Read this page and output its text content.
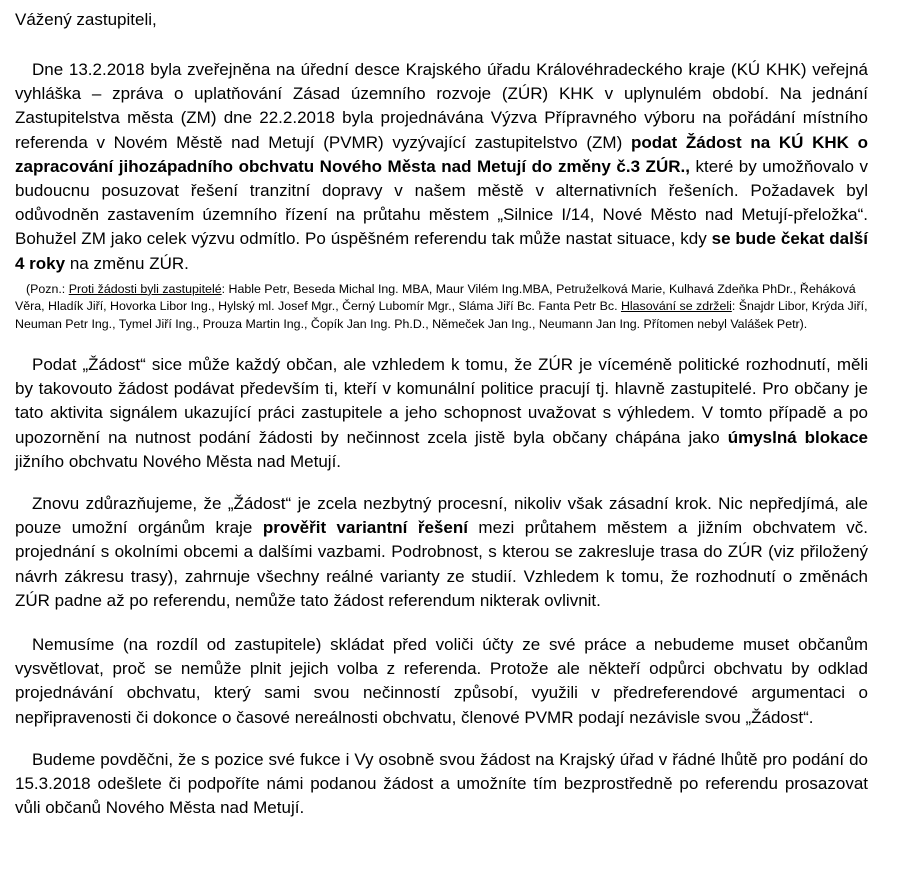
Vážený zastupiteli,

Dne 13.2.2018 byla zveřejněna na úřední desce Krajského úřadu Královéhradeckého kraje (KÚ KHK) veřejná vyhláška – zpráva o uplatňování Zásad územního rozvoje (ZÚR) KHK v uplynulém období. Na jednání Zastupitelstva města (ZM) dne 22.2.2018 byla projednávána Výzva Přípravného výboru na pořádání místního referenda v Novém Městě nad Metují (PVMR) vyzývající zastupitelstvo (ZM) podat Žádost na KÚ KHK o zapracování jihozápadního obchvatu Nového Města nad Metují do změny č.3 ZÚR., které by umožňovalo v budoucnu posuzovat řešení tranzitní dopravy v našem městě v alternativních řešeních. Požadavek byl odůvodněn zastavením územního řízení na průtahu městem „Silnice I/14, Nové Město nad Metují-přeložka“. Bohužel ZM jako celek výzvu odmítlo. Po úspěšném referendu tak může nastat situace, kdy se bude čekat další 4 roky na změnu ZÚR.

(Pozn.: Proti žádosti byli zastupitelé: Hable Petr, Beseda Michal Ing. MBA, Maur Vilém Ing.MBA, Petruželková Marie, Kulhavá Zdeňka PhDr., Řeháková Věra, Hladík Jiří, Hovorka Libor Ing., Hylský ml. Josef Mgr., Černý Lubomír Mgr., Sláma Jiří Bc. Fanta Petr Bc. Hlasování se zdrželi: Šnajdr Libor, Krýda Jiří, Neuman Petr Ing., Tymel Jiří Ing., Prouza Martin Ing., Čopík Jan Ing. Ph.D., Němeček Jan Ing., Neumann Jan Ing. Přítomen nebyl Valášek Petr).

Podat „Žádost“ sice může každý občan, ale vzhledem k tomu, že ZÚR je víceméně politické rozhodnutí, měli by takovouto žádost podávat především ti, kteří v komunální politice pracují tj. hlavně zastupitelé. Pro občany je tato aktivita signálem ukazující práci zastupitele a jeho schopnost uvažovat s výhledem. V tomto případě a po upozornění na nutnost podání žádosti by nečinnost zcela jistě byla občany chápána jako úmyslná blokace jižního obchvatu Nového Města nad Metují.

Znovu zdůrazňujeme, že „Žádost“ je zcela nezbytný procesní, nikoliv však zásadní krok. Nic nepředjímá, ale pouze umožní orgánům kraje prověřit variantní řešení mezi průtahem městem a jižním obchvatem vč. projednání s okolními obcemi a dalšími vazbami. Podrobnost, s kterou se zakresluje trasa do ZÚR (viz přiložený návrh zákresu trasy), zahrnuje všechny reálné varianty ze studií. Vzhledem k tomu, že rozhodnutí o změnách ZÚR padne až po referendu, nemůže tato žádost referendum nikterak ovlivnit.

Nemusíme (na rozdíl od zastupitele) skládat před voliči účty ze své práce a nebudeme muset občanům vysvětlovat, proč se nemůže plnit jejich volba z referenda. Protože ale někteří odpůrci obchvatu by odklad projednávání obchvatu, který sami svou nečinností způsobí, využili v předreferendové argumentaci o nepřipravenosti či dokonce o časové nereálnosti obchvatu, členové PVMR podají nezávisle svou „Žádost“.

Budeme povděčni, že s pozice své fukce i Vy osobně svou žádost na Krajský úřad v řádné lhůtě pro podání do 15.3.2018 odešlete či podpoříte námi podanou žádost a umožníte tím bezprostředně po referendu prosazovat vůli občanů Nového Města nad Metují.
